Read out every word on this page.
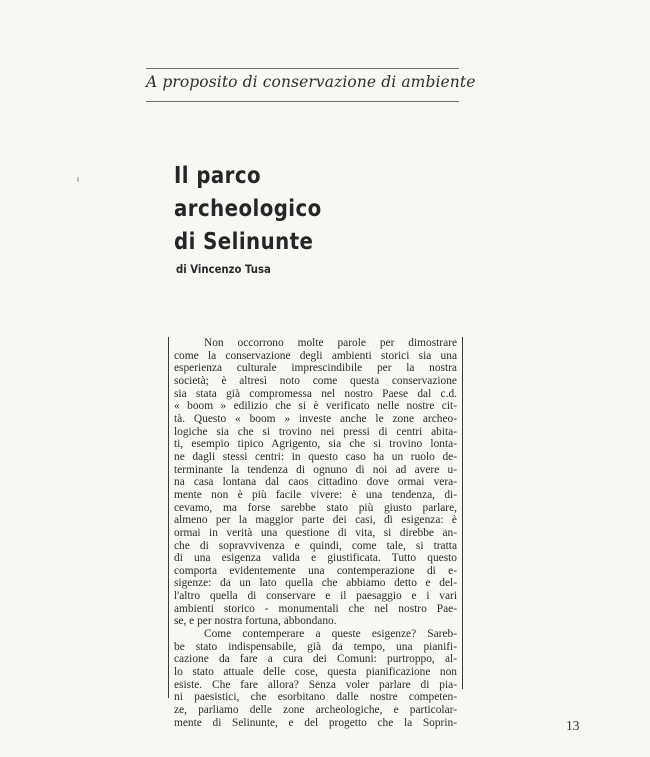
A proposito di conservazione di ambiente
Il parco
archeologico
di Selinunte
di Vincenzo Tusa
Non occorrono molte parole per dimostrare
come la conservazione degli ambienti storici sia una
esperienza culturale imprescindibile per la nostra
società; è altresì noto come questa conservazione
sia stata già compromessa nel nostro Paese dal c.d.
« boom » edilizio che si è verificato nelle nostre cit-
tà. Questo « boom » investe anche le zone archeo-
logiche sia che si trovino nei pressi di centri abita-
ti, esempio tipico Agrigento, sia che si trovino lonta-
ne dagli stessi centri: in questo caso ha un ruolo de-
terminante la tendenza di ognuno di noi ad avere u-
na casa lontana dal caos cittadino dove ormai vera-
mente non è più facile vivere: è una tendenza, di-
cevamo, ma forse sarebbe stato più giusto parlare,
almeno per la maggior parte dei casi, di esigenza: è
ormai in verità una questione di vita, si direbbe an-
che di sopravvivenza e quindi, come tale, si tratta
di una esigenza valida e giustificata. Tutto questo
comporta evidentemente una contemperazione di e-
sigenze: da un lato quella che abbiamo detto e del-
l'altro quella di conservare e il paesaggio e i vari
ambienti storico - monumentali che nel nostro Pae-
se, e per nostra fortuna, abbondano.
Come contemperare a queste esigenze? Sareb-
be stato indispensabile, già da tempo, una pianifi-
cazione da fare a cura dei Comuni: purtroppo, al-
lo stato attuale delle cose, questa pianificazione non
esiste. Che fare allora? Senza voler parlare di pia-
ni paesistici, che esorbitano dalle nostre competen-
ze, parliamo delle zone archeologiche, e particolar-
mente di Selinunte, e del progetto che la Soprin-	13
